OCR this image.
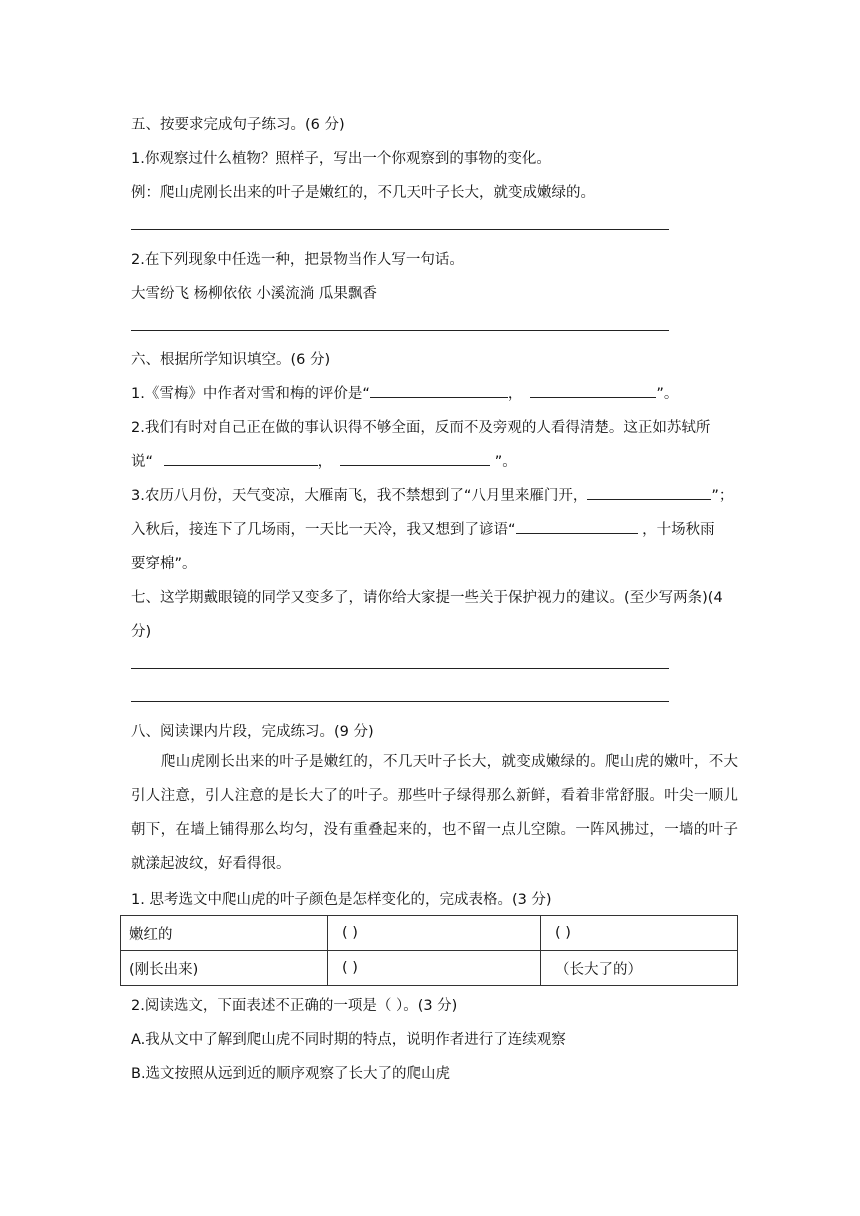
五、按要求完成句子练习。(6 分)
1.你观察过什么植物？照样子，写出一个你观察到的事物的变化。
例：爬山虎刚长出来的叶子是嫩红的，不几天叶子长大，就变成嫩绿的。
2.在下列现象中任选一种，把景物当作人写一句话。
大雪纷飞 杨柳依依 小溪流淌 瓜果飘香
六、根据所学知识填空。(6 分)
1.《雪梅》中作者对雪和梅的评价是“	，	”。
2.我们有时对自己正在做的事认识得不够全面，反而不及旁观的人看得清楚。这正如苏轼所
说“	，	”。
3.农历八月份，天气变凉，大雁南飞，我不禁想到了“八月里来雁门开，	”；
入秋后，接连下了几场雨，一天比一天冷，我又想到了谚语“	，十场秋雨
要穿棉”。
七、这学期戴眼镜的同学又变多了，请你给大家提一些关于保护视力的建议。(至少写两条)(4
分)
八、阅读课内片段，完成练习。(9 分)
爬山虎刚长出来的叶子是嫩红的，不几天叶子长大，就变成嫩绿的。爬山虎的嫩叶，不大引人注意，引人注意的是长大了的叶子。那些叶子绿得那么新鲜，看着非常舒服。叶尖一顺儿朝下，在墙上铺得那么均匀，没有重叠起来的，也不留一点儿空隙。一阵风拂过，一墙的叶子就漾起波纹，好看得很。
1. 思考选文中爬山虎的叶子颜色是怎样变化的，完成表格。(3 分)
嫩红的	( )	( )
(刚长出来)	( )	（长大了的）
2.阅读选文，下面表述不正确的一项是（ ）。(3 分)
A.我从文中了解到爬山虎不同时期的特点，说明作者进行了连续观察
B.选文按照从远到近的顺序观察了长大了的爬山虎
